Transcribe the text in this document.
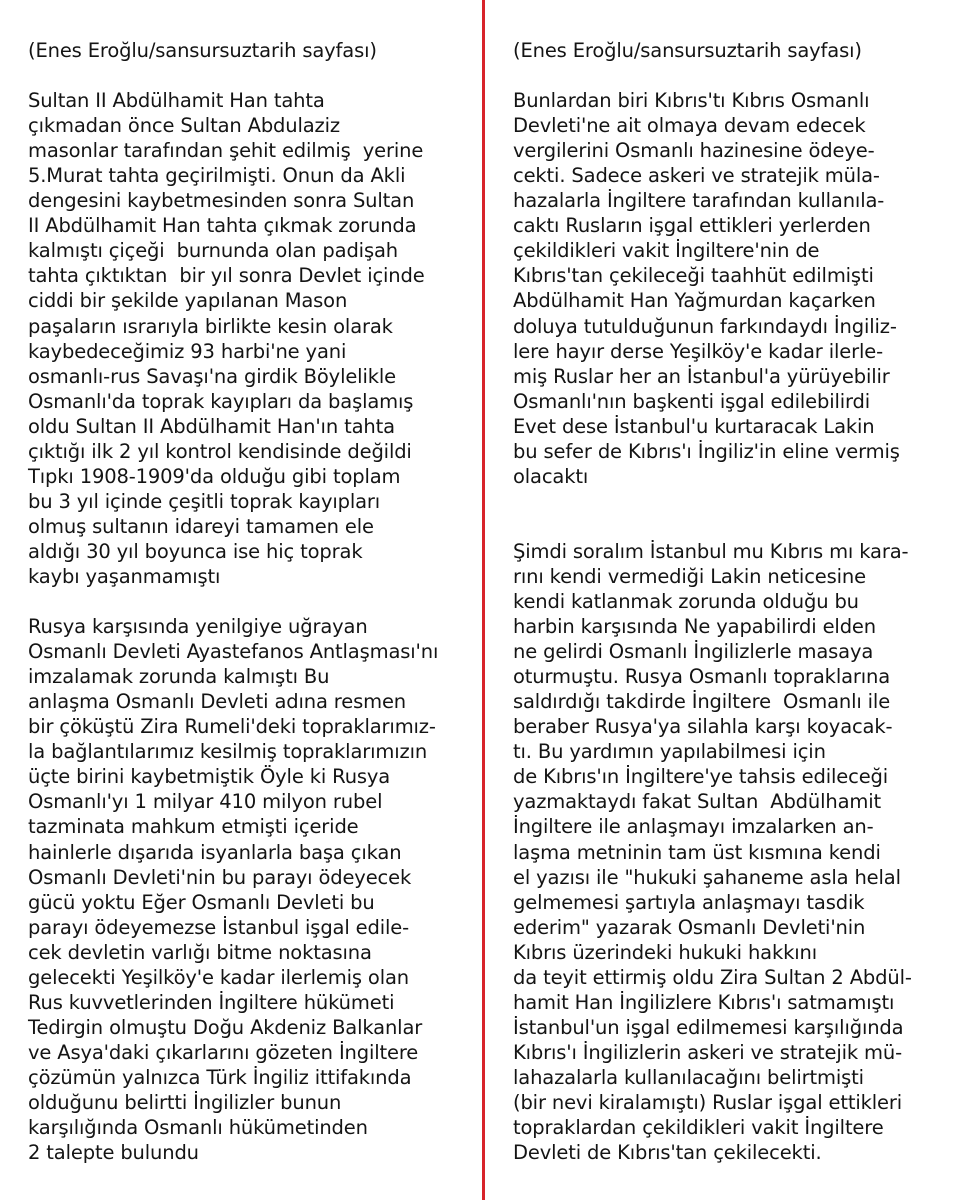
(Enes Eroğlu/sansursuztarih sayfası)
Sultan II Abdülhamit Han tahta
çıkmadan önce Sultan Abdulaziz
masonlar tarafından şehit edilmiş  yerine
5.Murat tahta geçirilmişti. Onun da Akli
dengesini kaybetmesinden sonra Sultan
II Abdülhamit Han tahta çıkmak zorunda
kalmıştı çiçeği  burnunda olan padişah
tahta çıktıktan  bir yıl sonra Devlet içinde
ciddi bir şekilde yapılanan Mason
paşaların ısrarıyla birlikte kesin olarak
kaybedeceğimiz 93 harbi'ne yani
osmanlı-rus Savaşı'na girdik Böylelikle
Osmanlı'da toprak kayıpları da başlamış
oldu Sultan II Abdülhamit Han'ın tahta
çıktığı ilk 2 yıl kontrol kendisinde değildi
Tıpkı 1908-1909'da olduğu gibi toplam
bu 3 yıl içinde çeşitli toprak kayıpları
olmuş sultanın idareyi tamamen ele
aldığı 30 yıl boyunca ise hiç toprak
kaybı yaşanmamıştı
Rusya karşısında yenilgiye uğrayan
Osmanlı Devleti Ayastefanos Antlaşması'nı
imzalamak zorunda kalmıştı Bu
anlaşma Osmanlı Devleti adına resmen
bir çöküştü Zira Rumeli'deki topraklarımız-
la bağlantılarımız kesilmiş topraklarımızın
üçte birini kaybetmiştik Öyle ki Rusya
Osmanlı'yı 1 milyar 410 milyon rubel
tazminata mahkum etmişti içeride
hainlerle dışarıda isyanlarla başa çıkan
Osmanlı Devleti'nin bu parayı ödeyecek
gücü yoktu Eğer Osmanlı Devleti bu
parayı ödeyemezse İstanbul işgal edile-
cek devletin varlığı bitme noktasına
gelecekti Yeşilköy'e kadar ilerlemiş olan
Rus kuvvetlerinden İngiltere hükümeti
Tedirgin olmuştu Doğu Akdeniz Balkanlar
ve Asya'daki çıkarlarını gözeten İngiltere
çözümün yalnızca Türk İngiliz ittifakında
olduğunu belirtti İngilizler bunun
karşılığında Osmanlı hükümetinden
2 talepte bulundu
(Enes Eroğlu/sansursuztarih sayfası)
Bunlardan biri Kıbrıs'tı Kıbrıs Osmanlı
Devleti'ne ait olmaya devam edecek
vergilerini Osmanlı hazinesine ödeye-
cekti. Sadece askeri ve stratejik müla-
hazalarla İngiltere tarafından kullanıla-
caktı Rusların işgal ettikleri yerlerden
çekildikleri vakit İngiltere'nin de
Kıbrıs'tan çekileceği taahhüt edilmişti
Abdülhamit Han Yağmurdan kaçarken
doluya tutulduğunun farkındaydı İngiliz-
lere hayır derse Yeşilköy'e kadar ilerle-
miş Ruslar her an İstanbul'a yürüyebilir
Osmanlı'nın başkenti işgal edilebilirdi
Evet dese İstanbul'u kurtaracak Lakin
bu sefer de Kıbrıs'ı İngiliz'in eline vermiş
olacaktı
Şimdi soralım İstanbul mu Kıbrıs mı kara-
rını kendi vermediği Lakin neticesine
kendi katlanmak zorunda olduğu bu
harbin karşısında Ne yapabilirdi elden
ne gelirdi Osmanlı İngilizlerle masaya
oturmuştu. Rusya Osmanlı topraklarına
saldırdığı takdirde İngiltere  Osmanlı ile
beraber Rusya'ya silahla karşı koyacak-
tı. Bu yardımın yapılabilmesi için
de Kıbrıs'ın İngiltere'ye tahsis edileceği
yazmaktaydı fakat Sultan  Abdülhamit
İngiltere ile anlaşmayı imzalarken an-
laşma metninin tam üst kısmına kendi
el yazısı ile "hukuki şahaneme asla helal
gelmemesi şartıyla anlaşmayı tasdik
ederim" yazarak Osmanlı Devleti'nin
Kıbrıs üzerindeki hukuki hakkını
da teyit ettirmiş oldu Zira Sultan 2 Abdül-
hamit Han İngilizlere Kıbrıs'ı satmamıştı
İstanbul'un işgal edilmemesi karşılığında
Kıbrıs'ı İngilizlerin askeri ve stratejik mü-
lahazalarla kullanılacağını belirtmişti
(bir nevi kiralamıştı) Ruslar işgal ettikleri
topraklardan çekildikleri vakit İngiltere
Devleti de Kıbrıs'tan çekilecekti.
